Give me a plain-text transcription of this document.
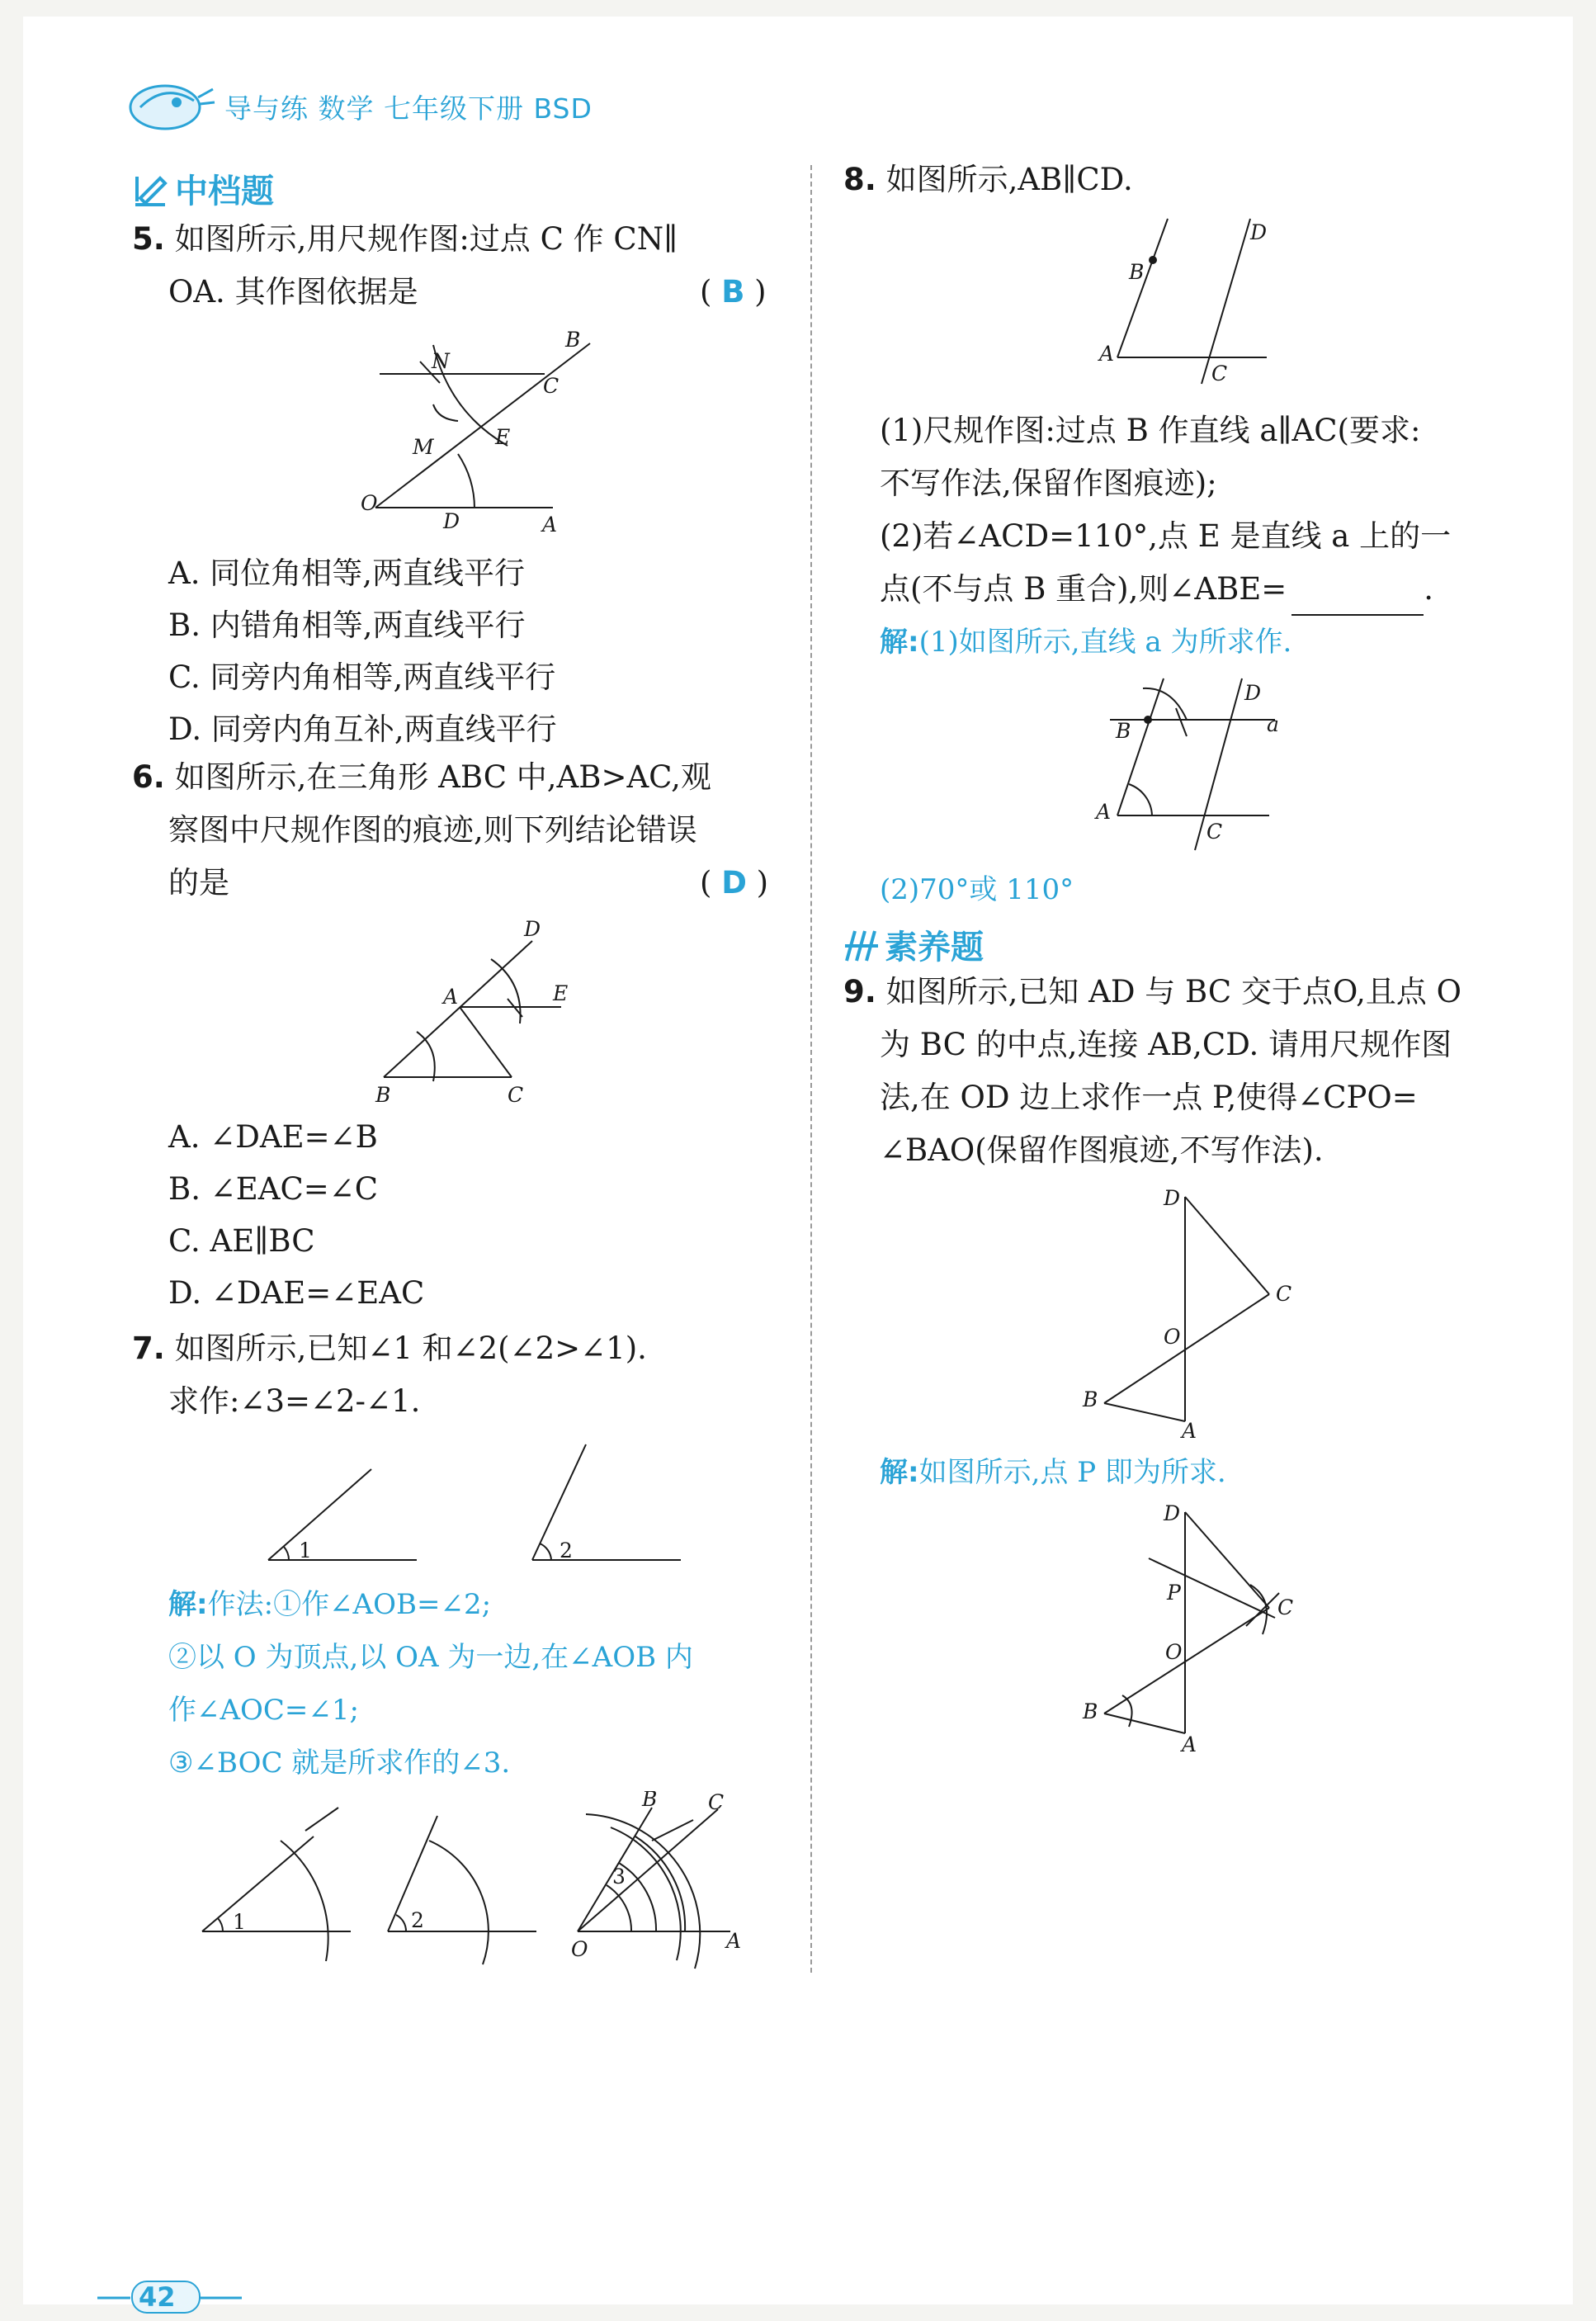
导与练 数学 七年级下册 BSD
中档题
5. 如图所示,用尺规作图:过点 C 作 CN∥
OA. 其作图依据是	( B )
B
N
C
M	E
O
D	A
A. 同位角相等,两直线平行
B. 内错角相等,两直线平行
C. 同旁内角相等,两直线平行
D. 同旁内角互补,两直线平行
6. 如图所示,在三角形 ABC 中,AB>AC,观
察图中尺规作图的痕迹,则下列结论错误
的是	( D )
D
A	E
B	C
A. ∠DAE=∠B
B. ∠EAC=∠C
C. AE∥BC
D. ∠DAE=∠EAC
7. 如图所示,已知∠1 和∠2(∠2>∠1).
求作:∠3=∠2-∠1.
1	2
解:作法:①作∠AOB=∠2;
②以 O 为顶点,以 OA 为一边,在∠AOB 内
作∠AOC=∠1;
③∠BOC 就是所求作的∠3.
1	2
3
B C
O	A
8. 如图所示,AB∥CD.
B
D
A
C
(1)尺规作图:过点 B 作直线 a∥AC(要求:
不写作法,保留作图痕迹);
(2)若∠ACD=110°,点 E 是直线 a 上的一
点(不与点 B 重合),则∠ABE=	.
解:(1)如图所示,直线 a 为所求作.
D
B	a
A
C
(2)70°或 110°
素养题
9. 如图所示,已知 AD 与 BC 交于点O,且点 O
为 BC 的中点,连接 AB,CD. 请用尺规作图
法,在 OD 边上求作一点 P,使得∠CPO=
∠BAO(保留作图痕迹,不写作法).
D
C
O
B
A
解:如图所示,点 P 即为所求.
D
P
C
O
B
A
42
